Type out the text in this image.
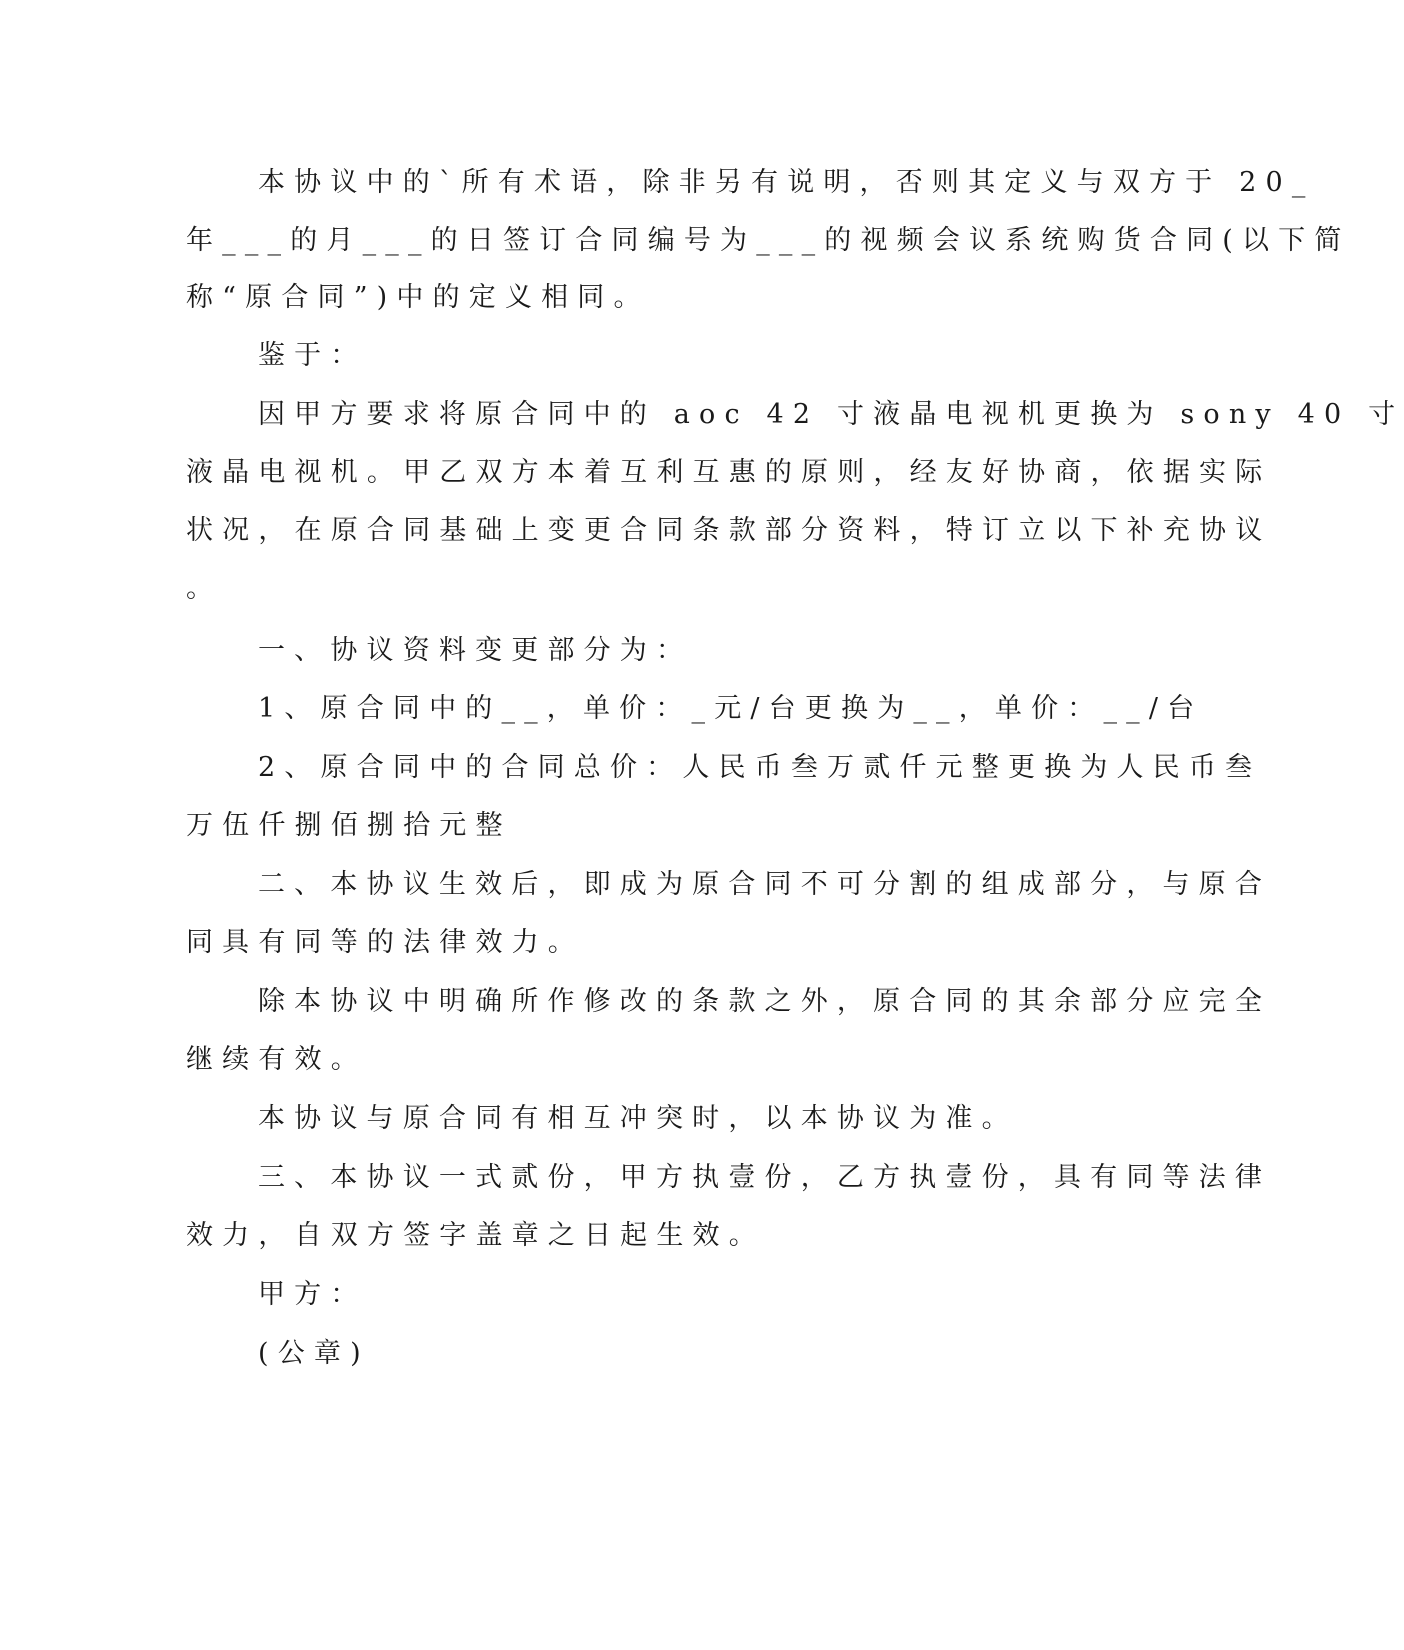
本协议中的`所有术语，除非另有说明，否则其定义与双方于 20_
年___的月___的日签订合同编号为___的视频会议系统购货合同(以下简
称“原合同”)中的定义相同。
鉴于：
因甲方要求将原合同中的 aoc 42 寸液晶电视机更换为 sony 40 寸
液晶电视机。甲乙双方本着互利互惠的原则，经友好协商，依据实际
状况，在原合同基础上变更合同条款部分资料，特订立以下补充协议
。
一、协议资料变更部分为：
1、原合同中的__，单价：_元/台更换为__，单价：__/台
2、原合同中的合同总价：人民币叁万贰仟元整更换为人民币叁
万伍仟捌佰捌拾元整
二、本协议生效后，即成为原合同不可分割的组成部分，与原合
同具有同等的法律效力。
除本协议中明确所作修改的条款之外，原合同的其余部分应完全
继续有效。
本协议与原合同有相互冲突时，以本协议为准。
三、本协议一式贰份，甲方执壹份，乙方执壹份，具有同等法律
效力，自双方签字盖章之日起生效。
甲方：
(公章)
